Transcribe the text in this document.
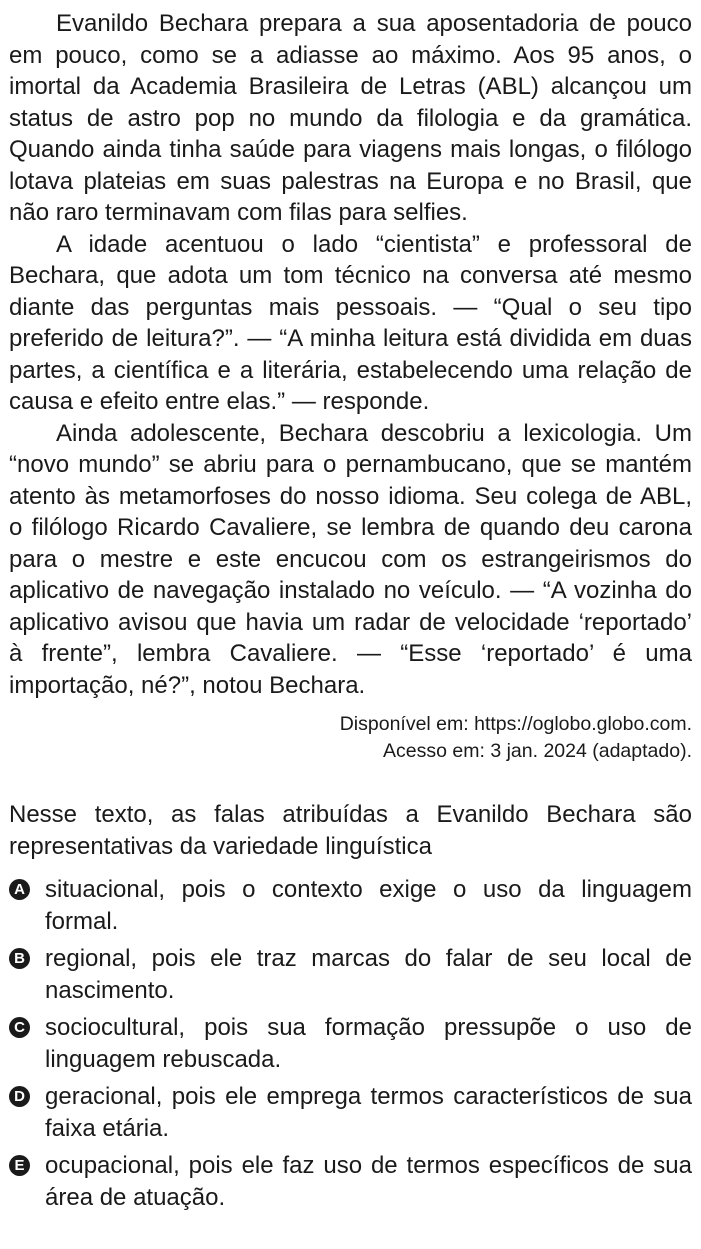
Evanildo Bechara prepara a sua aposentadoria de pouco em pouco, como se a adiasse ao máximo. Aos 95 anos, o imortal da Academia Brasileira de Letras (ABL) alcançou um status de astro pop no mundo da filologia e da gramática. Quando ainda tinha saúde para viagens mais longas, o filólogo lotava plateias em suas palestras na Europa e no Brasil, que não raro terminavam com filas para selfies.

A idade acentuou o lado “cientista” e professoral de Bechara, que adota um tom técnico na conversa até mesmo diante das perguntas mais pessoais. — “Qual o seu tipo preferido de leitura?”. — “A minha leitura está dividida em duas partes, a científica e a literária, estabelecendo uma relação de causa e efeito entre elas.” — responde.

Ainda adolescente, Bechara descobriu a lexicologia. Um “novo mundo” se abriu para o pernambucano, que se mantém atento às metamorfoses do nosso idioma. Seu colega de ABL, o filólogo Ricardo Cavaliere, se lembra de quando deu carona para o mestre e este encucou com os estrangeirismos do aplicativo de navegação instalado no veículo. — “A vozinha do aplicativo avisou que havia um radar de velocidade ‘reportado’ à frente”, lembra Cavaliere. — “Esse ‘reportado’ é uma importação, né?”, notou Bechara.

Disponível em: https://oglobo.globo.com.
Acesso em: 3 jan. 2024 (adaptado).

Nesse texto, as falas atribuídas a Evanildo Bechara são representativas da variedade linguística

A situacional, pois o contexto exige o uso da linguagem formal.
B regional, pois ele traz marcas do falar de seu local de nascimento.
C sociocultural, pois sua formação pressupõe o uso de linguagem rebuscada.
D geracional, pois ele emprega termos característicos de sua faixa etária.
E ocupacional, pois ele faz uso de termos específicos de sua área de atuação.
